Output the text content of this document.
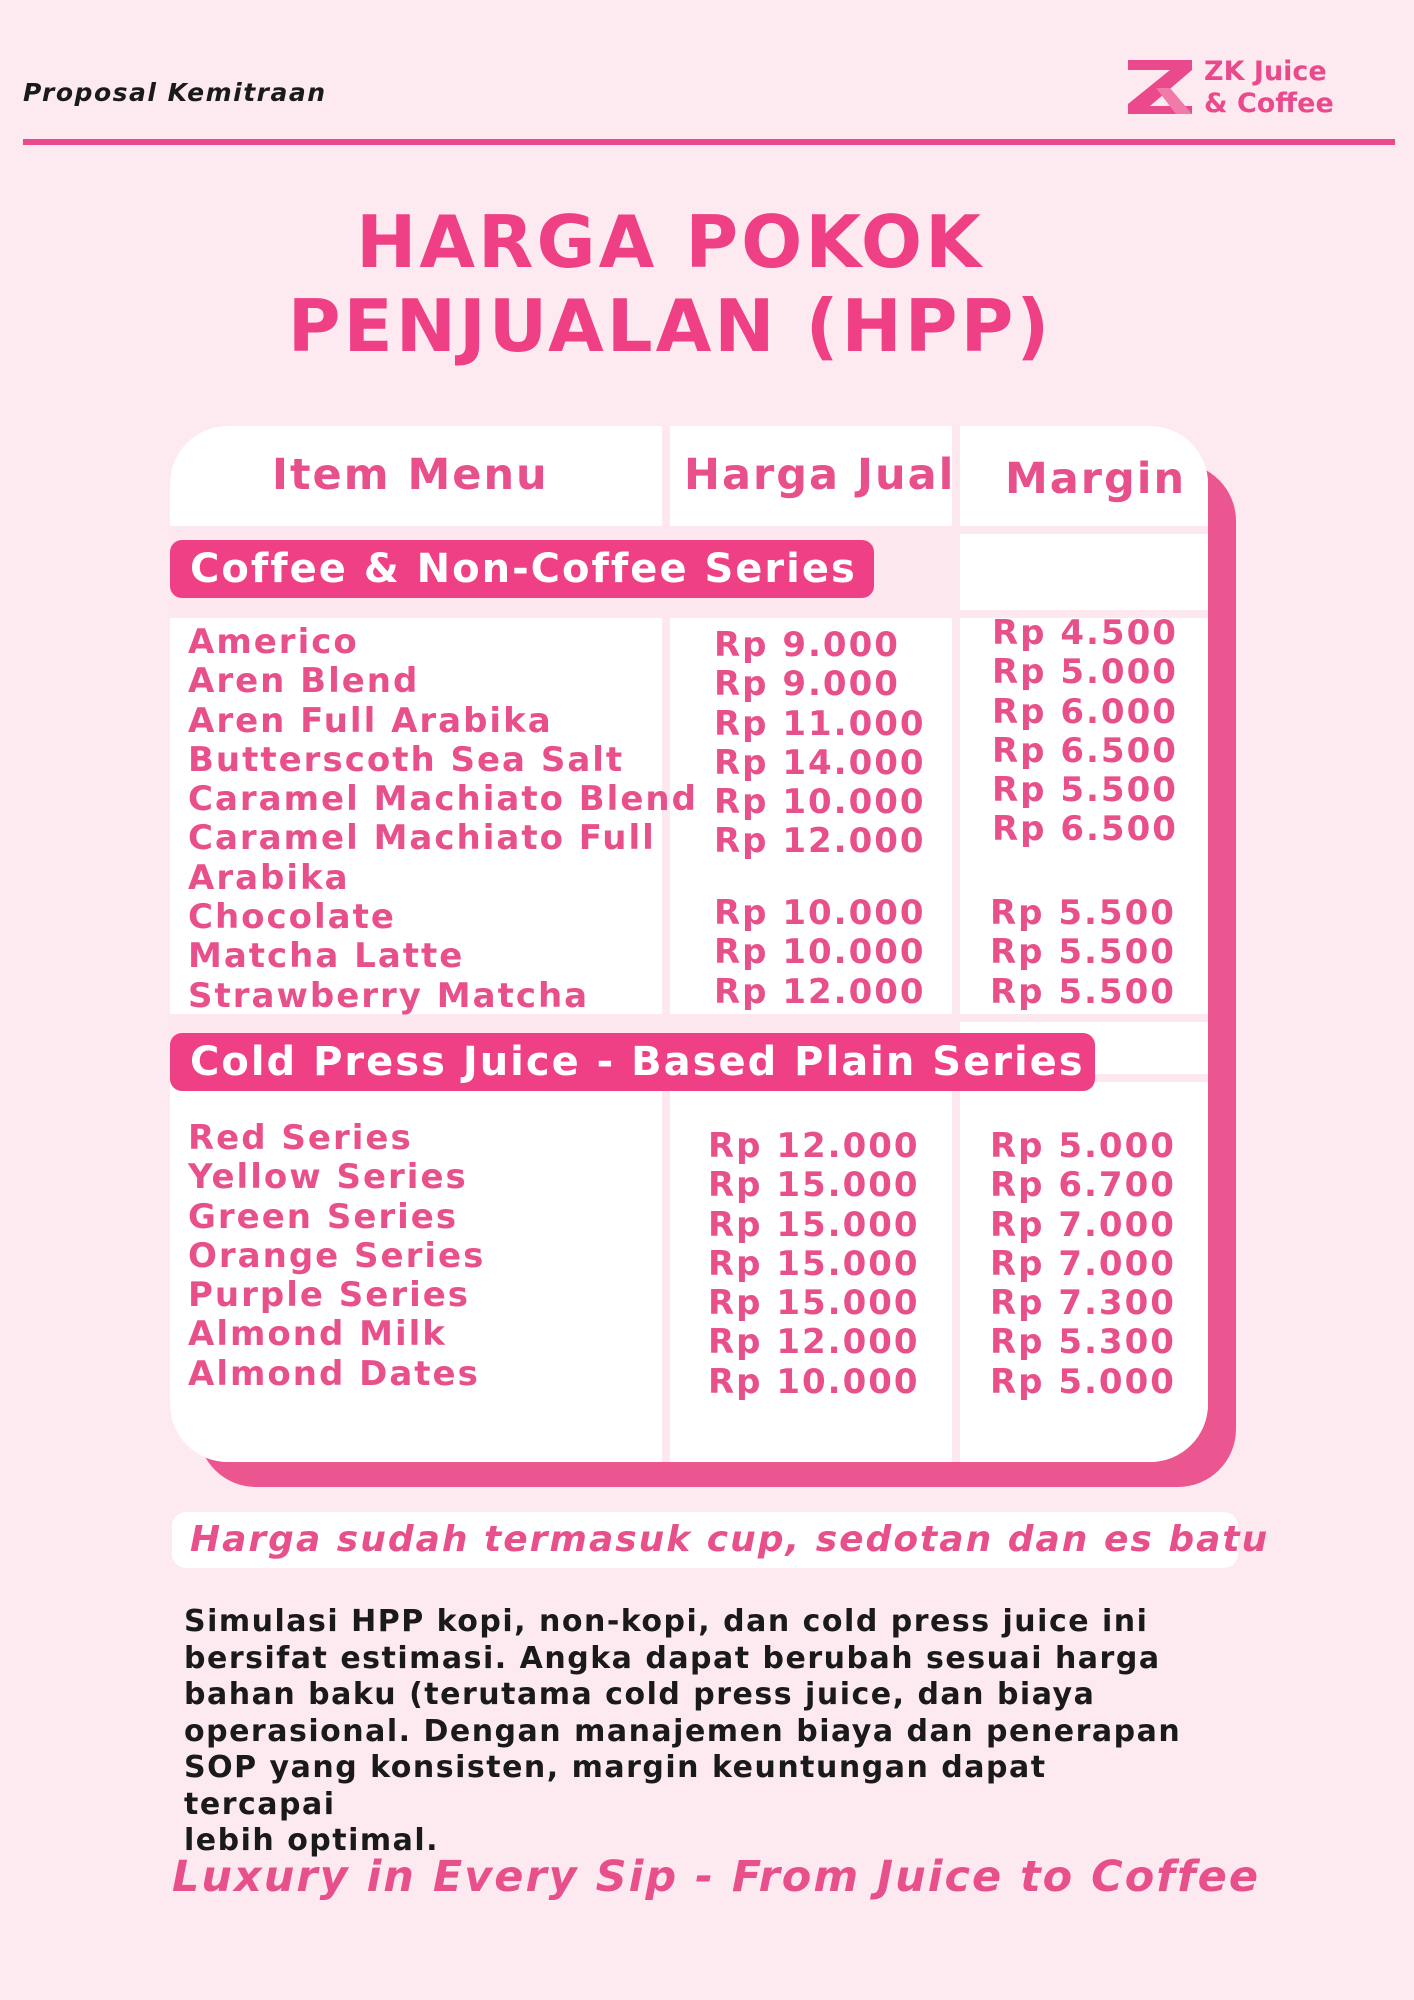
Proposal Kemitraan
ZK Juice
& Coffee
HARGA POKOK
PENJUALAN (HPP)
Item Menu	Harga Jual Margin
Coffee & Non-Coffee Series
Americo
Aren Blend
Aren Full Arabika
Butterscoth Sea Salt
Caramel Machiato Blend
Caramel Machiato Full
Arabika
Chocolate
Matcha Latte
Strawberry Matcha
Rp 9.000
Rp 9.000
Rp 11.000
Rp 14.000
Rp 10.000
Rp 12.000
Rp 10.000
Rp 10.000
Rp 12.000
Rp 4.500
Rp 5.000
Rp 6.000
Rp 6.500
Rp 5.500
Rp 6.500
Rp 5.500
Rp 5.500
Rp 5.500
Cold Press Juice - Based Plain Series
Red Series
Yellow Series
Green Series
Orange Series
Purple Series
Almond Milk
Almond Dates
Rp 12.000
Rp 15.000
Rp 15.000
Rp 15.000
Rp 15.000
Rp 12.000
Rp 10.000
Rp 5.000
Rp 6.700
Rp 7.000
Rp 7.000
Rp 7.300
Rp 5.300
Rp 5.000
Harga sudah termasuk cup, sedotan dan es batu
Simulasi HPP kopi, non-kopi, dan cold press juice ini
bersifat estimasi. Angka dapat berubah sesuai harga
bahan baku (terutama cold press juice, dan biaya
operasional. Dengan manajemen biaya dan penerapan
SOP yang konsisten, margin keuntungan dapat tercapai
lebih optimal.
Luxury in Every Sip - From Juice to Coffee
